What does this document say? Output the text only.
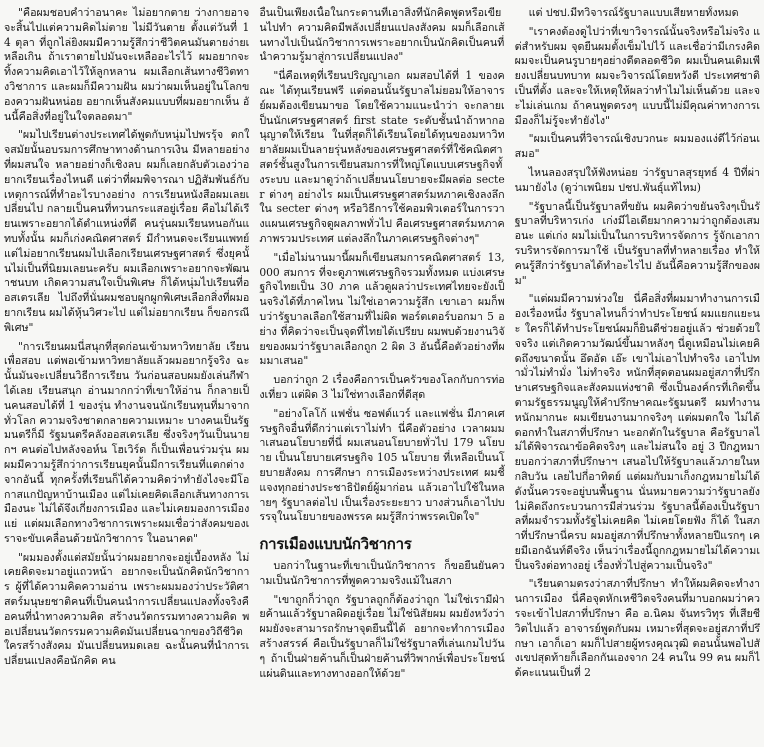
"คือผมชอบคำว่าอนาคะ ไม่อยากตาย ว่างกายอาจจะสิ้นไปแต่ความคิดไม่ตาย ไม่มีวันตาย ตั้งแต่วันที่ 14 ตุลา ที่ถูกไล่ยิงผมมีความรู้สึกว่าชีวิตคนมันตายง่ายเหลือเกิน ถ้าเราตายไปมันจะเหลืออะไรไว้ ผมอยากจะทิ้งความคิดเอาไว้ให้ลูกหลาน ผมเลือกเส้นทางชีวิตทางวิชาการ และผมก็มีความฝัน ผมว่าผมเห็นอยู่ในโลกของความฝันหน่อย อยากเห็นสังคมแบบที่ผมอยากเห็น อันนี้คือสิ่งที่อยู่ในใจตลอดมา"

"ผมไปเรียนต่างประเทศได้พูดกับหนุ่มไปพรรุ้จ ตกใจสมัยนั้นอบรมการศึกษาทางด้านการเงิน มีหลายอย่างที่ผมสนใจ หลายอย่างก็เชิงลบ ผมก็เลยกลับตัวเองว่าอยากเรียนเรื่องไหนดี แต่ว่าที่ผมพิจารณา ปฏิสัมพันธ์กับเหตุการณ์ที่ทำอะไรบางอย่าง การเรียนหนังสือผมเลยเปลี่ยนไป กลายเป็นคนที่ทวนกระแสอยู่เรื่อย คือไม่ได้เรียนเพราะอยากได้ตำแหน่งที่ดี คนรุ่นผมเรียนหนอกันแทบทั้งนั้น ผมก็เก่งคณิตศาสตร์ มีกำหนดจะเรียนแพทย์ แต่ไม่อยากเรียนผมไปเลือกเรียนเศรษฐศาสตร์ ซึ่งยุคนั้นไม่เป็นที่นิยมเลยนะครับ ผมเลือกเพราะอยากจะพัฒนาชนบท เกิดความสนใจเป็นพิเศษ ก็ได้หนุ่มไปเรียนที่ออสเตรเลีย ไปถึงที่นั่นผมชอบผูกผูกพิเศษเลือกสิ่งที่ผมอยากเรียน ผมได้หุ้นวิศวะไป แต่ไม่อยากเรียน ก็ขอกรณีพิเศษ"

"การเรียนผมนี่สนุกที่สุดก่อนเข้ามหาวิทยาลัย เรียนเพื่อสอบ แต่พอเข้ามหาวิทยาลัยแล้วผมอยากรู้จริง ฉะนั้นมันจะเปลี่ยนวิธีการเรียน วันก่อนสอบผมยังเล่นกีฬาได้เลย เรียนสนุก อ่านมากกว่าที่เขาให้อ่าน ก็กลายเป็นคนสอบได้ที่ 1 ของรุ่น ทำงานจนนักเรียนทุนที่มาจากทั่วโลก ความจริงชาตกลายความเหมาะ บางคนเป็นรัฐมนตรีก็มี รัฐมนตรีคลังออสเตรเลีย ซึ่งจริงๆวันเป็นนายกฯ คนต่อไปหลังจอห์น โฮเวิร์ด ก็เป็นเพื่อนร่วมรุ่น ผม ผมมีความรู้สึกว่าการเรียนยุคนั้นมีการเรียนที่แตกต่างจากอันนี้ ทุกครั้งที่เรียนก็ได้ความคิดว่าทำยังไงจะมีโอกาสแกปัญหาบ้านเมือง แต่ไม่เคยคิดเลือกเส้นทางการเมืองนะ ไม่ได้จึงเกี่ยงการเมือง และไม่เคยมองการเมืองแย่ แต่ผมเลือกทางวิชาการเพราะผมเชื่อว่าสังคมของเราจะขับเคลื่อนด้วยนักวิชาการ ในอนาคต"

"ผมมองตั้งแต่สมัยนั้นว่าผมอยากจะอยู่เบื้องหลัง ไม่เคยคิดจะมาอยู่แถวหน้า อยากจะเป็นนักคิดนักวิชาการ ผู้ที่ได้ความคิดความอ่าน เพราะผมมองว่าประวัติศาสตร์มนุษยชาติคนที่เป็นคนนำการเปลี่ยนแปลงทั้งจริงคือคนที่นำทางความคิด สร้างนวัตกรรมทางความคิด พอเปลี่ยนนวัตกรรมความคิดมันเปลี่ยนฉากของวิถีชีวิต ใครสร้างสังคม มันเปลี่ยนหมดเลย ฉะนั้นคนที่นำการเปลี่ยนแปลงคือนักคิด คน

อื่นเป็นเพียงเนื้อในกระดานที่เอาสิ่งที่นักคิดพูดหรือเขียนไปทำ ความคิดมีพลังเปลี่ยนแปลงสังคม ผมก็เลือกเส้นทางไปเป็นนักวิชาการเพราะอยากเป็นนักคิดเป็นคนที่นำความรู้มาสู่การเปลี่ยนแปลง"

"นี่คือเหตุที่เรียนปริญญาเอก ผมสอบได้ที่ 1 ของคณะ ได้ทุนเรียนฟรี แต่ตอนนั้นรัฐบาลไม่ยอมให้อาจารย์ผมต้องเขียนมาขอ โดยใช้ความแนะนำว่า จะกลายเป็นนักเศรษฐศาสตร์ first state ระดับชั้นนำถ้าหากอนุญาตให้เรียน ในที่สุดก็ได้เรียนโดยได้ทุนของมหาวิทยาลัยผมเป็นลายรุ่นหลังของเศรษฐศาสตร์ที่ใช้คณิตศาสตร์ชั้นสูงในการเขียนสมการที่ใหญ่โตแบบเศรษฐกิจทั้งระบบ และมาดูว่าถ้าเปลี่ยนนโยบายจะมีผลต่อ secter ต่างๆ อย่างไร ผมเป็นเศรษฐศาสตร์มหภาคเชิงลงลึกใน secter ต่างๆ หรือวิธีการใช้คอมพิวเตอร์ในการวางแผนเศรษฐกิจดูผลภาพทั่วไป คือเศรษฐศาสตร์มหภาคภาพรวมประเทศ แต่ลงลึกในภาคเศรษฐกิจต่างๆ"

"เมื่อไม่นานมานี้ผมก็เขียนสมการคณิตศาสตร์ 13,000 สมการ ที่จะดูภาพเศรษฐกิจรวมทั้งหมด แบ่งเศรษฐกิจไทยเป็น 30 ภาค แล้วดูผลว่าประเทศไทยจะยังเป็นจริงได้ที่ภาคไหน ไม่ใช่เอาความรู้สึก เขาเอา ผมก็พบว่ารัฐบาลเลือกใช้สามที่ไม่ผิด พอร์ตเตอร์บอกมา 5 อย่าง ที่คิดว่าจะเป็นจุดที่ไทยได้เปรียบ ผมพบด้วยงานวิจัยของผมว่ารัฐบาลเลือกถูก 2 ผิด 3 อันนี้คือตัวอย่างที่ผมมาเสนอ"

บอกว่าถูก 2 เรื่องคือการเป็นครัวของโลกกับการท่องเที่ยว แต่ผิด 3 ไม่ใช่ทางเลือกที่ดีสุด

"อย่างโลโก้ แฟชั่น ซอฟต์แวร์ และแฟชั่น มีภาคเศรษฐกิจอื่นที่ดีกว่าแต่เราไม่ทำ นี่คือตัวอย่าง เวลาผมมาเสนอนโยบายที่นี่ ผมเสนอนโยบายทั่วไป 179 นโยบาย เป็นนโยบายเศรษฐกิจ 105 นโยบาย ที่เหลือเป็นนโยบายสังคม การศึกษา การเมืองระหว่างประเทศ ผมชี้แจงทุกอย่างประชาธิปัตย์ผู้มาก่อน แล้วเอาไปใช้ในหลายๆ รัฐบาลต่อไป เป็นเรื่องระยะยาว บางส่วนก็เอาไปบรรจุในนโยบายของพรรค ผมรู้สึกว่าพรรคเปิดใจ"

การเมืองแบบนักวิชาการ

บอกว่าในฐานะที่เขาเป็นนักวิชาการ ก็ขอยืนยันความเป็นนักวิชาการที่พูดความจริงแม้ในสภา

"เขาถูกก็ว่าถูก รัฐบาลถูกก็ต้องว่าถูก ไม่ใช่เรามีฝ่ายค้านแล้วรัฐบาลผิดอยู่เรื่อย ไม่ใช่นิสัยผม ผมยังหวังว่าผมยังจะสามารถรักษาจุดยืนนี้ได้ อยากจะทำการเมืองสร้างสรรค์ คือเป็นรัฐบาลก็ไม่ใช่รัฐบาลที่เล่นเกมไปวันๆ ถ้าเป็นฝ่ายค้านก็เป็นฝ่ายค้านที่วิพากษ์เพื่อประโยชน์แผ่นดินและทางทางออกให้ด้วย"

แต่ ปชป.มีทวิจารณ์รัฐบาลแบบเสียหายทั้งหมด

"เราคงต้องดูไปว่าที่เขาวิจารณ์นั้นจริงหรือไม่จริง แต่สำหรับผม จุดยืนผมตั้งเข็มไปไว้ และเชื่อว่ามีเกรงคิดผมจะเป็นคนรูบายๆอย่างดีตลอดชีวิต ผมเป็นคนเดิมเพียงเปลี่ยนบทบาท ผมจะวิจารณ์โดยหวังดี ประเทศชาติเป็นที่ตั้ง และจะให้เหตุให้ผลว่าทำไมไม่เห็นด้วย และจะไม่เล่นเกม ถ้าคนพูดตรงๆ แบบนี้ไม่มีคุณค่าทางการเมืองก็ไม่รู้จะทำยังไง"

"ผมเป็นคนที่วิจารณ์เชิงบวกนะ ผมมองแง่ดีไว้ก่อนเสมอ"

ไหนลองสรุปให้ฟังหน่อย ว่ารัฐบาลสุรยุทธ์ 4 ปีที่ผ่านมายังไง (ดูว่าเพนิยม ปชป.พันธุ์แท้ไหม)

"รัฐบาลนี้เป็นรัฐบาลที่ขยัน ผมคิดว่าขยันจริงๆเป็นรัฐบาลที่บริหารเก่ง เก่งมีไอเดียมากความว่าถูกต้องเสมอนะ แต่เก่ง ผมไม่เป็นในการบริหารจัดการ รู้จักเอาการบริหารจัดการมาใช้ เป็นรัฐบาลที่ทำหลายเรื่อง ทำให้คนรู้สึกว่ารัฐบาลได้ทำอะไรไป อันนี้คือความรู้สึกของผม"

"แต่ผมมีความห่วงใย นี่คือสิ่งที่ผมมาทำงานการเมืองเรื่องหนึ่ง รัฐบาลไหนก็ว่าทำประโยชน์ ผมแยกแยะนะ ใครก็ได้ทำประโยชน์ผมก็ยินดีช่วยอยู่แล้ว ช่วยด้วยใจจริง แต่เกิดความวัฒน์ขึ้นมาหลังๆ นี่ดูเหมือนไม่เคยคิดถึงขนาดนั้น อึดอัด เอ๊ะ เขาไม่เอาไปทำจริง เอาไปทำมั่วไม่ทำมั่ง ไม่ทำจริง หนักที่สุดตอนผมอยู่สภาที่ปรึกษาเศรษฐกิจและสังคมแห่งชาติ ซึ่งเป็นองค์กรที่เกิดขึ้นตามรัฐธรรมนูญให้คำปรึกษาคณะรัฐมนตรี ผมทำงานหนักมากนะ ผมเขียนงานมากจริงๆ แต่ผมตกใจ ไม่ได้ดอกทำในสภาที่ปรึกษา นะอกตักในรัฐบาล คือรัฐบาลไม่ได้พิจารณาข้อคิดจริงๆ และไม่สนใจ อยู่ 3 ปีกฎหมายบอกว่าสภาที่ปรึกษาฯ เสนอไปให้รัฐบาลแล้วภายในหกสิบวัน เลยไปกี่อาทิตย์ แต่ผมกับมาเก็งกฎหมายไม่ได้ดังนั้นควรจะอยู่บนพื้นฐาน นั่นหมายความว่ารัฐบาลยังไม่คิดถึงกระบวนการมีส่วนร่วม รัฐบาลนี้ต้องเป็นรัฐบาลที่ผมจำรวมทั้งรัฐไม่เคยคิด ไม่เคยโดยฟัง ก็ได้ ในสภาที่ปรึกษานี่ครบ ผมอยู่สภาที่ปรึกษาทั้งหลายปีแรกๆ เคยมีเอกฉันท์ดีจริง เห็นว่าเรื่องนี้ถูกกฎหมายไม่ได้ความเป็นจริงต่อทางอยู่ เรื่องทั่วไปสู่ความเป็นจริง"

"เรียนตามตรงว่าสภาที่ปรึกษา ทำให้ผมคิดจะทำงานการเมือง นี่คือจุดหักเหชีวิตจริงคนที่มาบอกผมว่าควรจะเข้าไปสภาที่ปรึกษา คือ อ.นิคม จันทรวิทุร ที่เสียชีวิตไปแล้ว อาจารย์พูดกับผม เหมาะที่สุดจะอยู่สภาที่ปรึกษา เอาก็เอา ผมก็ไปสายผู้ทรงคุณวุฒิ ตอนนั้นพอไปสังเขปสุดท้ายก็เลือกกันเองจาก 24 คนใน 99 คน ผมก็ได้คะแนนเป็นที่ 2
